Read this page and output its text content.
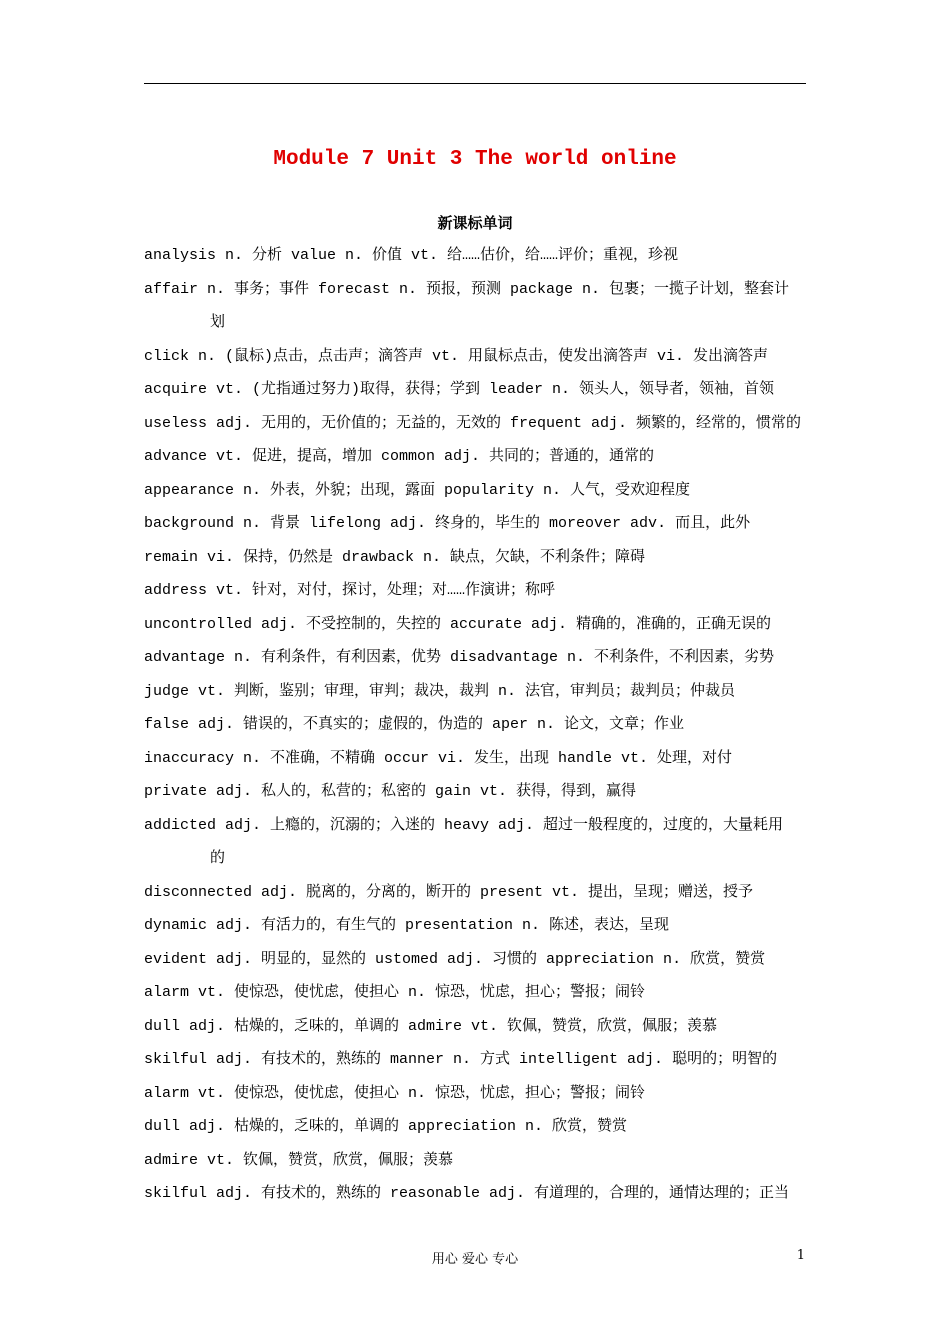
Module 7 Unit 3 The world online
新课标单词
analysis n. 分析 value n. 价值 vt. 给……估价，给……评价；重视，珍视
affair n. 事务；事件 forecast n. 预报，预测 package n. 包裹；一揽子计划，整套计
划
click n. (鼠标)点击，点击声；滴答声 vt. 用鼠标点击，使发出滴答声 vi. 发出滴答声
acquire vt. (尤指通过努力)取得，获得；学到 leader n. 领头人，领导者，领袖，首领
useless adj. 无用的，无价值的；无益的，无效的 frequent adj. 频繁的，经常的，惯常的
advance vt. 促进，提高，增加 common adj. 共同的；普通的，通常的
appearance n. 外表，外貌；出现，露面 popularity n. 人气，受欢迎程度
background n. 背景 lifelong adj. 终身的，毕生的 moreover adv. 而且，此外
remain vi. 保持，仍然是 drawback n. 缺点，欠缺，不利条件；障碍
address vt. 针对，对付，探讨，处理；对……作演讲；称呼
uncontrolled adj. 不受控制的，失控的 accurate adj. 精确的，准确的，正确无误的
advantage n. 有利条件，有利因素，优势 disadvantage n. 不利条件，不利因素，劣势
judge vt. 判断，鉴别；审理，审判；裁决，裁判 n. 法官，审判员；裁判员；仲裁员
false adj. 错误的，不真实的；虚假的，伪造的 aper n. 论文，文章；作业
inaccuracy n. 不准确，不精确 occur vi. 发生，出现 handle vt. 处理，对付
private adj. 私人的，私营的；私密的 gain vt. 获得，得到，赢得
addicted adj. 上瘾的，沉溺的；入迷的 heavy adj. 超过一般程度的，过度的，大量耗用
的
disconnected adj. 脱离的，分离的，断开的 present vt. 提出，呈现；赠送，授予
dynamic adj. 有活力的，有生气的 presentation n. 陈述，表达，呈现
evident adj. 明显的，显然的 ustomed adj. 习惯的 appreciation n. 欣赏，赞赏
alarm vt. 使惊恐，使忧虑，使担心 n. 惊恐，忧虑，担心；警报；闹铃
dull adj. 枯燥的，乏味的，单调的 admire vt. 钦佩，赞赏，欣赏，佩服；羡慕
skilful adj. 有技术的，熟练的 manner n. 方式 intelligent adj. 聪明的；明智的
alarm vt. 使惊恐，使忧虑，使担心 n. 惊恐，忧虑，担心；警报；闹铃
dull adj. 枯燥的，乏味的，单调的 appreciation n. 欣赏，赞赏
admire vt. 钦佩，赞赏，欣赏，佩服；羡慕
skilful adj. 有技术的，熟练的 reasonable adj. 有道理的，合理的，通情达理的；正当
用心 爱心 专心	1
